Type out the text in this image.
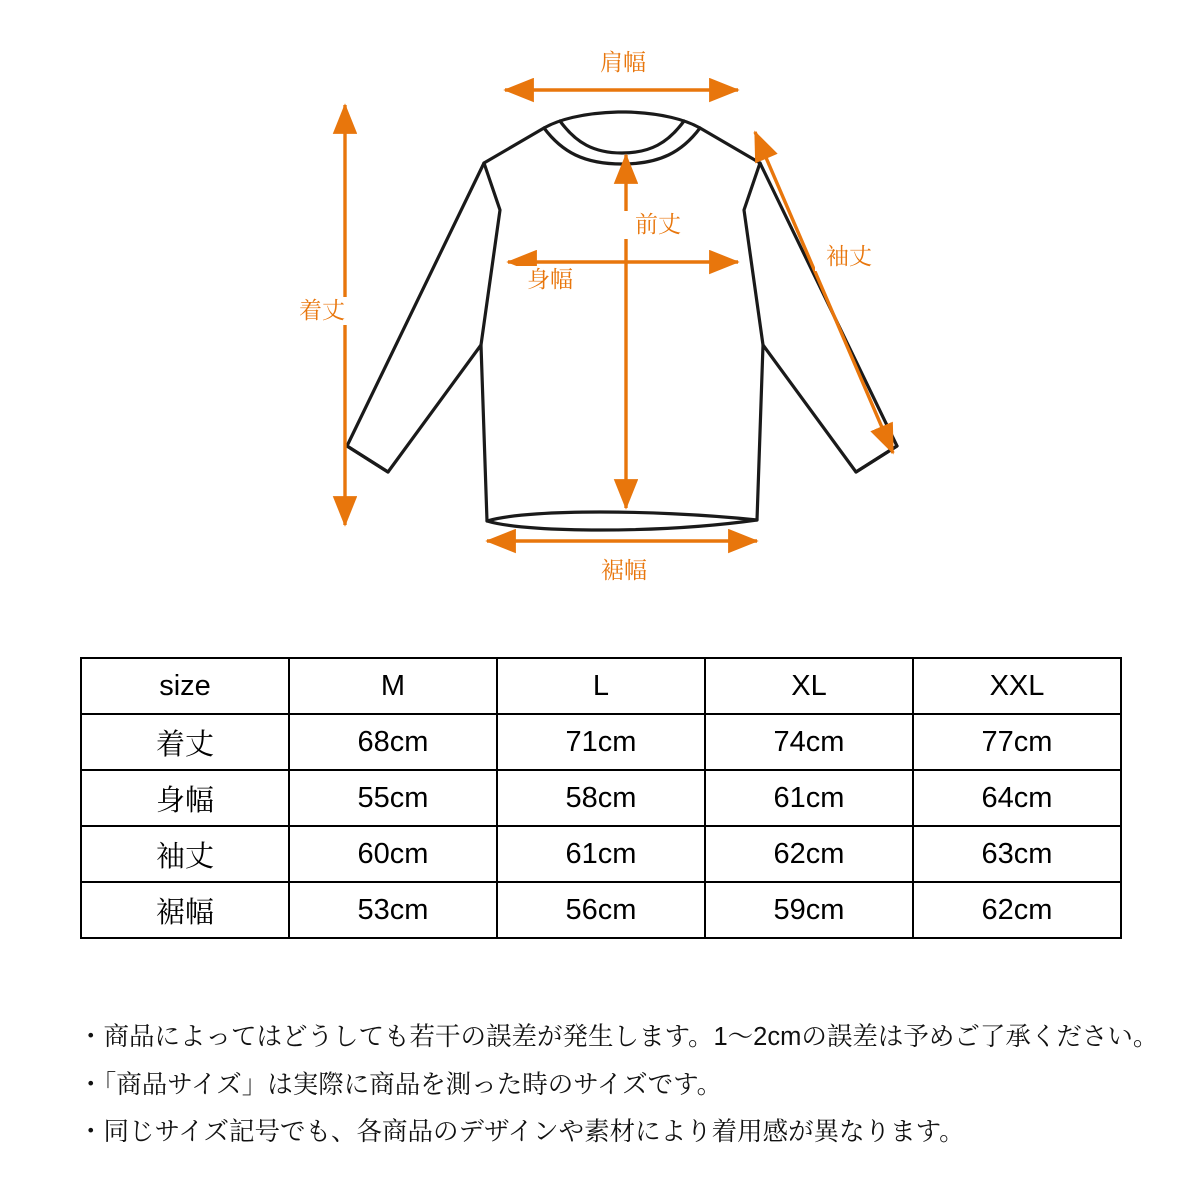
肩幅
着丈
前丈
身幅
袖丈
裾幅
size	M	L	XL	XXL
着丈	68cm	71cm	74cm	77cm
身幅	55cm	58cm	61cm	64cm
袖丈	60cm	61cm	62cm	63cm
裾幅	53cm	56cm	59cm	62cm
・商品によってはどうしても若干の誤差が発生します。1〜2cmの誤差は予めご了承ください。
・「商品サイズ」は実際に商品を測った時のサイズです。
・同じサイズ記号でも、各商品のデザインや素材により着用感が異なります。
